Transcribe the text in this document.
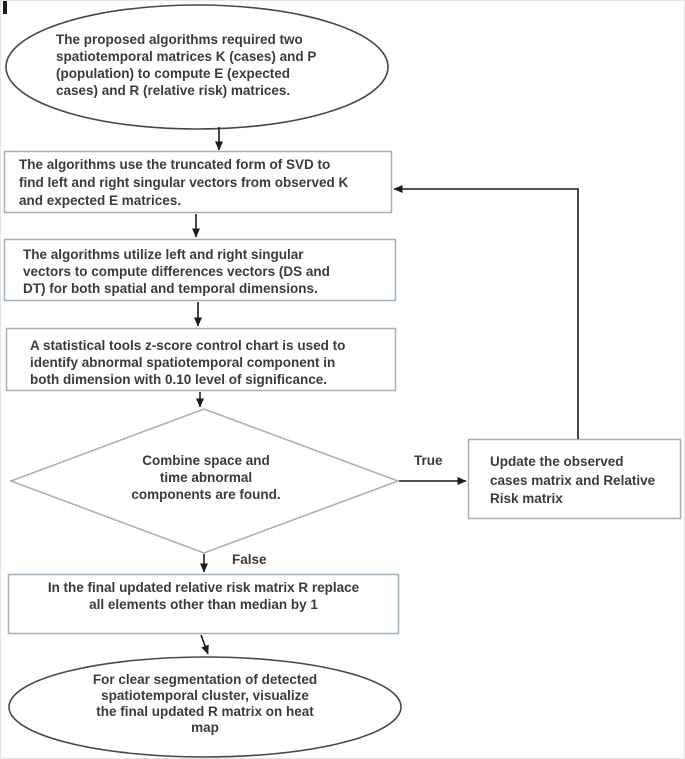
The proposed algorithms required two
spatiotemporal matrices K (cases) and P
(population) to compute E (expected
cases) and R (relative risk) matrices.
The algorithms use the truncated form of SVD to
find left and right singular vectors from observed K
and expected E matrices.
The algorithms utilize left and right singular
vectors to compute differences vectors (DS and
DT) for both spatial and temporal dimensions.
A statistical tools z-score control chart is used to
identify abnormal spatiotemporal component in
both dimension with 0.10 level of significance.
Combine space and
time abnormal
components are found.
True	Update the observed
cases matrix and Relative
Risk matrix
False
In the final updated relative risk matrix R replace
all elements other than median by 1
For clear segmentation of detected
spatiotemporal cluster, visualize
the final updated R matrix on heat
map
